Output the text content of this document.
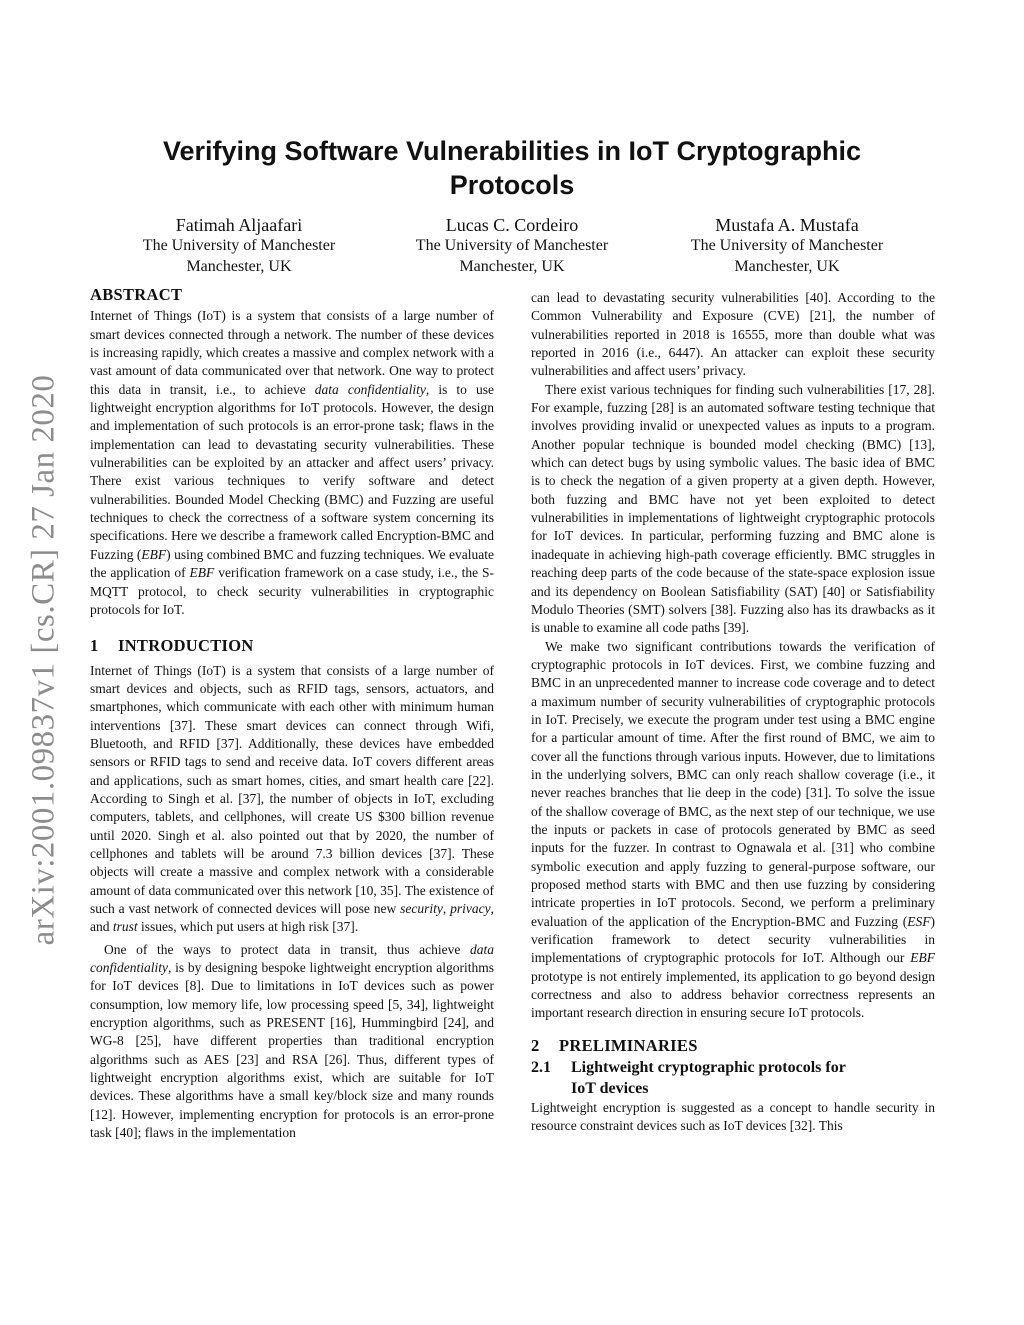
arXiv:2001.09837v1 [cs.CR] 27 Jan 2020
Verifying Software Vulnerabilities in IoT Cryptographic Protocols
Fatimah Aljaafari
The University of Manchester
Manchester, UK
Lucas C. Cordeiro
The University of Manchester
Manchester, UK
Mustafa A. Mustafa
The University of Manchester
Manchester, UK
ABSTRACT

Internet of Things (IoT) is a system that consists of a large number of smart devices connected through a network. The number of these devices is increasing rapidly, which creates a massive and complex network with a vast amount of data communicated over that network. One way to protect this data in transit, i.e., to achieve data confidentiality, is to use lightweight encryption algorithms for IoT protocols. However, the design and implementation of such protocols is an error-prone task; flaws in the implementation can lead to devastating security vulnerabilities. These vulnerabilities can be exploited by an attacker and affect users’ privacy. There exist various techniques to verify software and detect vulnerabilities. Bounded Model Checking (BMC) and Fuzzing are useful techniques to check the correctness of a software system concerning its specifications. Here we describe a framework called Encryption-BMC and Fuzzing (EBF) using combined BMC and fuzzing techniques. We evaluate the application of EBF verification framework on a case study, i.e., the S-MQTT protocol, to check security vulnerabilities in cryptographic protocols for IoT.

1 INTRODUCTION

Internet of Things (IoT) is a system that consists of a large number of smart devices and objects, such as RFID tags, sensors, actuators, and smartphones, which communicate with each other with minimum human interventions [37]. These smart devices can connect through Wifi, Bluetooth, and RFID [37]. Additionally, these devices have embedded sensors or RFID tags to send and receive data. IoT covers different areas and applications, such as smart homes, cities, and smart health care [22]. According to Singh et al. [37], the number of objects in IoT, excluding computers, tablets, and cellphones, will create US $300 billion revenue until 2020. Singh et al. also pointed out that by 2020, the number of cellphones and tablets will be around 7.3 billion devices [37]. These objects will create a massive and complex network with a considerable amount of data communicated over this network [10, 35]. The existence of such a vast network of connected devices will pose new security, privacy, and trust issues, which put users at high risk [37].

One of the ways to protect data in transit, thus achieve data confidentiality, is by designing bespoke lightweight encryption algorithms for IoT devices [8]. Due to limitations in IoT devices such as power consumption, low memory life, low processing speed [5, 34], lightweight encryption algorithms, such as PRESENT [16], Hummingbird [24], and WG-8 [25], have different properties than traditional encryption algorithms such as AES [23] and RSA [26]. Thus, different types of lightweight encryption algorithms exist, which are suitable for IoT devices. These algorithms have a small key/block size and many rounds [12]. However, implementing encryption for protocols is an error-prone task [40]; flaws in the implementation

can lead to devastating security vulnerabilities [40]. According to the Common Vulnerability and Exposure (CVE) [21], the number of vulnerabilities reported in 2018 is 16555, more than double what was reported in 2016 (i.e., 6447). An attacker can exploit these security vulnerabilities and affect users’ privacy.

There exist various techniques for finding such vulnerabilities [17, 28]. For example, fuzzing [28] is an automated software testing technique that involves providing invalid or unexpected values as inputs to a program. Another popular technique is bounded model checking (BMC) [13], which can detect bugs by using symbolic values. The basic idea of BMC is to check the negation of a given property at a given depth. However, both fuzzing and BMC have not yet been exploited to detect vulnerabilities in implementations of lightweight cryptographic protocols for IoT devices. In particular, performing fuzzing and BMC alone is inadequate in achieving high-path coverage efficiently. BMC struggles in reaching deep parts of the code because of the state-space explosion issue and its dependency on Boolean Satisfiability (SAT) [40] or Satisfiability Modulo Theories (SMT) solvers [38]. Fuzzing also has its drawbacks as it is unable to examine all code paths [39].

We make two significant contributions towards the verification of cryptographic protocols in IoT devices. First, we combine fuzzing and BMC in an unprecedented manner to increase code coverage and to detect a maximum number of security vulnerabilities of cryptographic protocols in IoT. Precisely, we execute the program under test using a BMC engine for a particular amount of time. After the first round of BMC, we aim to cover all the functions through various inputs. However, due to limitations in the underlying solvers, BMC can only reach shallow coverage (i.e., it never reaches branches that lie deep in the code) [31]. To solve the issue of the shallow coverage of BMC, as the next step of our technique, we use the inputs or packets in case of protocols generated by BMC as seed inputs for the fuzzer. In contrast to Ognawala et al. [31] who combine symbolic execution and apply fuzzing to general-purpose software, our proposed method starts with BMC and then use fuzzing by considering intricate properties in IoT protocols. Second, we perform a preliminary evaluation of the application of the Encryption-BMC and Fuzzing (ESF) verification framework to detect security vulnerabilities in implementations of cryptographic protocols for IoT. Although our EBF prototype is not entirely implemented, its application to go beyond design correctness and also to address behavior correctness represents an important research direction in ensuring secure IoT protocols.

2 PRELIMINARIES
2.1 Lightweight cryptographic protocols for
IoT devices

Lightweight encryption is suggested as a concept to handle security in resource constraint devices such as IoT devices [32]. This
